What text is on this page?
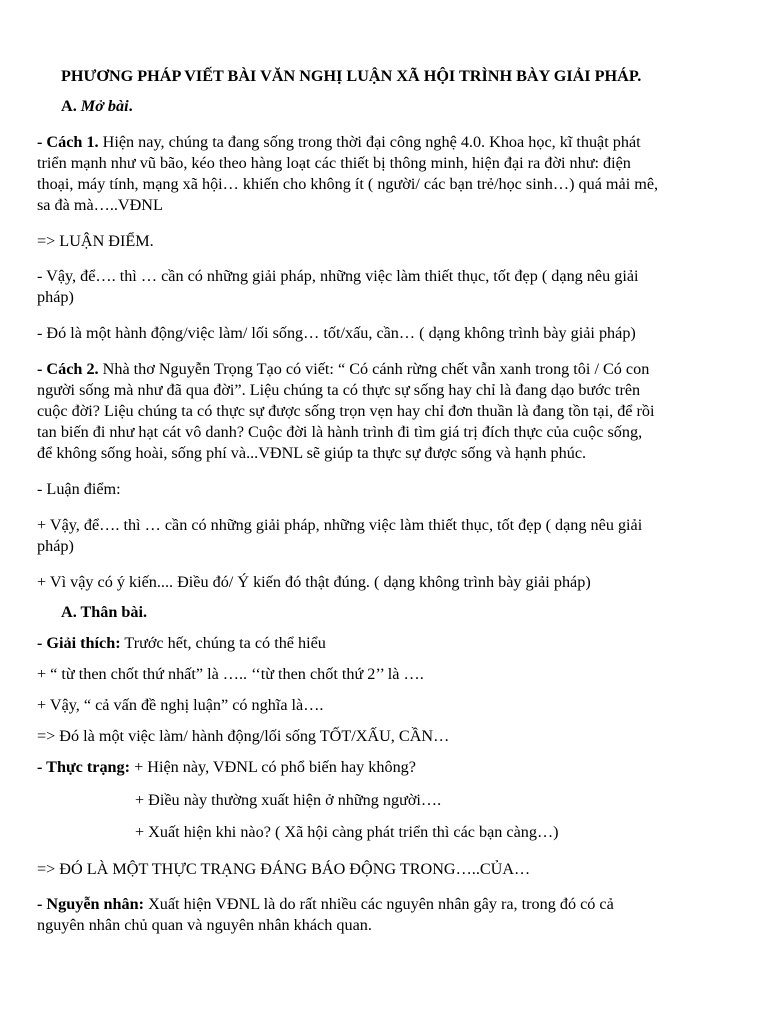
PHƯƠNG PHÁP VIẾT BÀI VĂN NGHỊ LUẬN XÃ HỘI TRÌNH BÀY GIẢI PHÁP.
A. Mở bài.
- Cách 1. Hiện nay, chúng ta đang sống trong thời đại công nghệ 4.0. Khoa học, kĩ thuật phát
triển mạnh như vũ bão, kéo theo hàng loạt các thiết bị thông minh, hiện đại ra đời như: điện
thoại, máy tính, mạng xã hội… khiến cho không ít ( người/ các bạn trẻ/học sinh…) quá mải mê,
sa đà mà…..VĐNL
=> LUẬN ĐIỂM.
- Vậy, để…. thì … cần có những giải pháp, những việc làm thiết thục, tốt đẹp ( dạng nêu giải
pháp)
- Đó là một hành động/việc làm/ lối sống… tốt/xấu, cần… ( dạng không trình bày giải pháp)
- Cách 2. Nhà thơ Nguyễn Trọng Tạo có viết: “ Có cánh rừng chết vẫn xanh trong tôi / Có con
người sống mà như đã qua đời”. Liệu chúng ta có thực sự sống hay chỉ là đang dạo bước trên
cuộc đời? Liệu chúng ta có thực sự được sống trọn vẹn hay chỉ đơn thuần là đang tồn tại, để rồi
tan biến đi như hạt cát vô danh? Cuộc đời là hành trình đi tìm giá trị đích thực của cuộc sống,
để không sống hoài, sống phí và...VĐNL sẽ giúp ta thực sự được sống và hạnh phúc.
- Luận điểm:
+ Vậy, để…. thì … cần có những giải pháp, những việc làm thiết thục, tốt đẹp ( dạng nêu giải
pháp)
+ Vì vậy có ý kiến.... Điều đó/ Ý kiến đó thật đúng. ( dạng không trình bày giải pháp)
A. Thân bài.
- Giải thích: Trước hết, chúng ta có thể hiểu
+ “ từ then chốt thứ nhất” là ….. ‘‘từ then chốt thứ 2’’ là ….
+ Vậy, “ cả vấn đề nghị luận” có nghĩa là….
=> Đó là một việc làm/ hành động/lối sống TỐT/XẤU, CẦN…
- Thực trạng: + Hiện này, VĐNL có phổ biến hay không?
+ Điều này thường xuất hiện ở những người….
+ Xuất hiện khi nào? ( Xã hội càng phát triển thì các bạn càng…)
=> ĐÓ LÀ MỘT THỰC TRẠNG ĐÁNG BÁO ĐỘNG TRONG…..CỦA…
- Nguyễn nhân: Xuất hiện VĐNL là do rất nhiều các nguyên nhân gây ra, trong đó có cả
nguyên nhân chủ quan và nguyên nhân khách quan.
